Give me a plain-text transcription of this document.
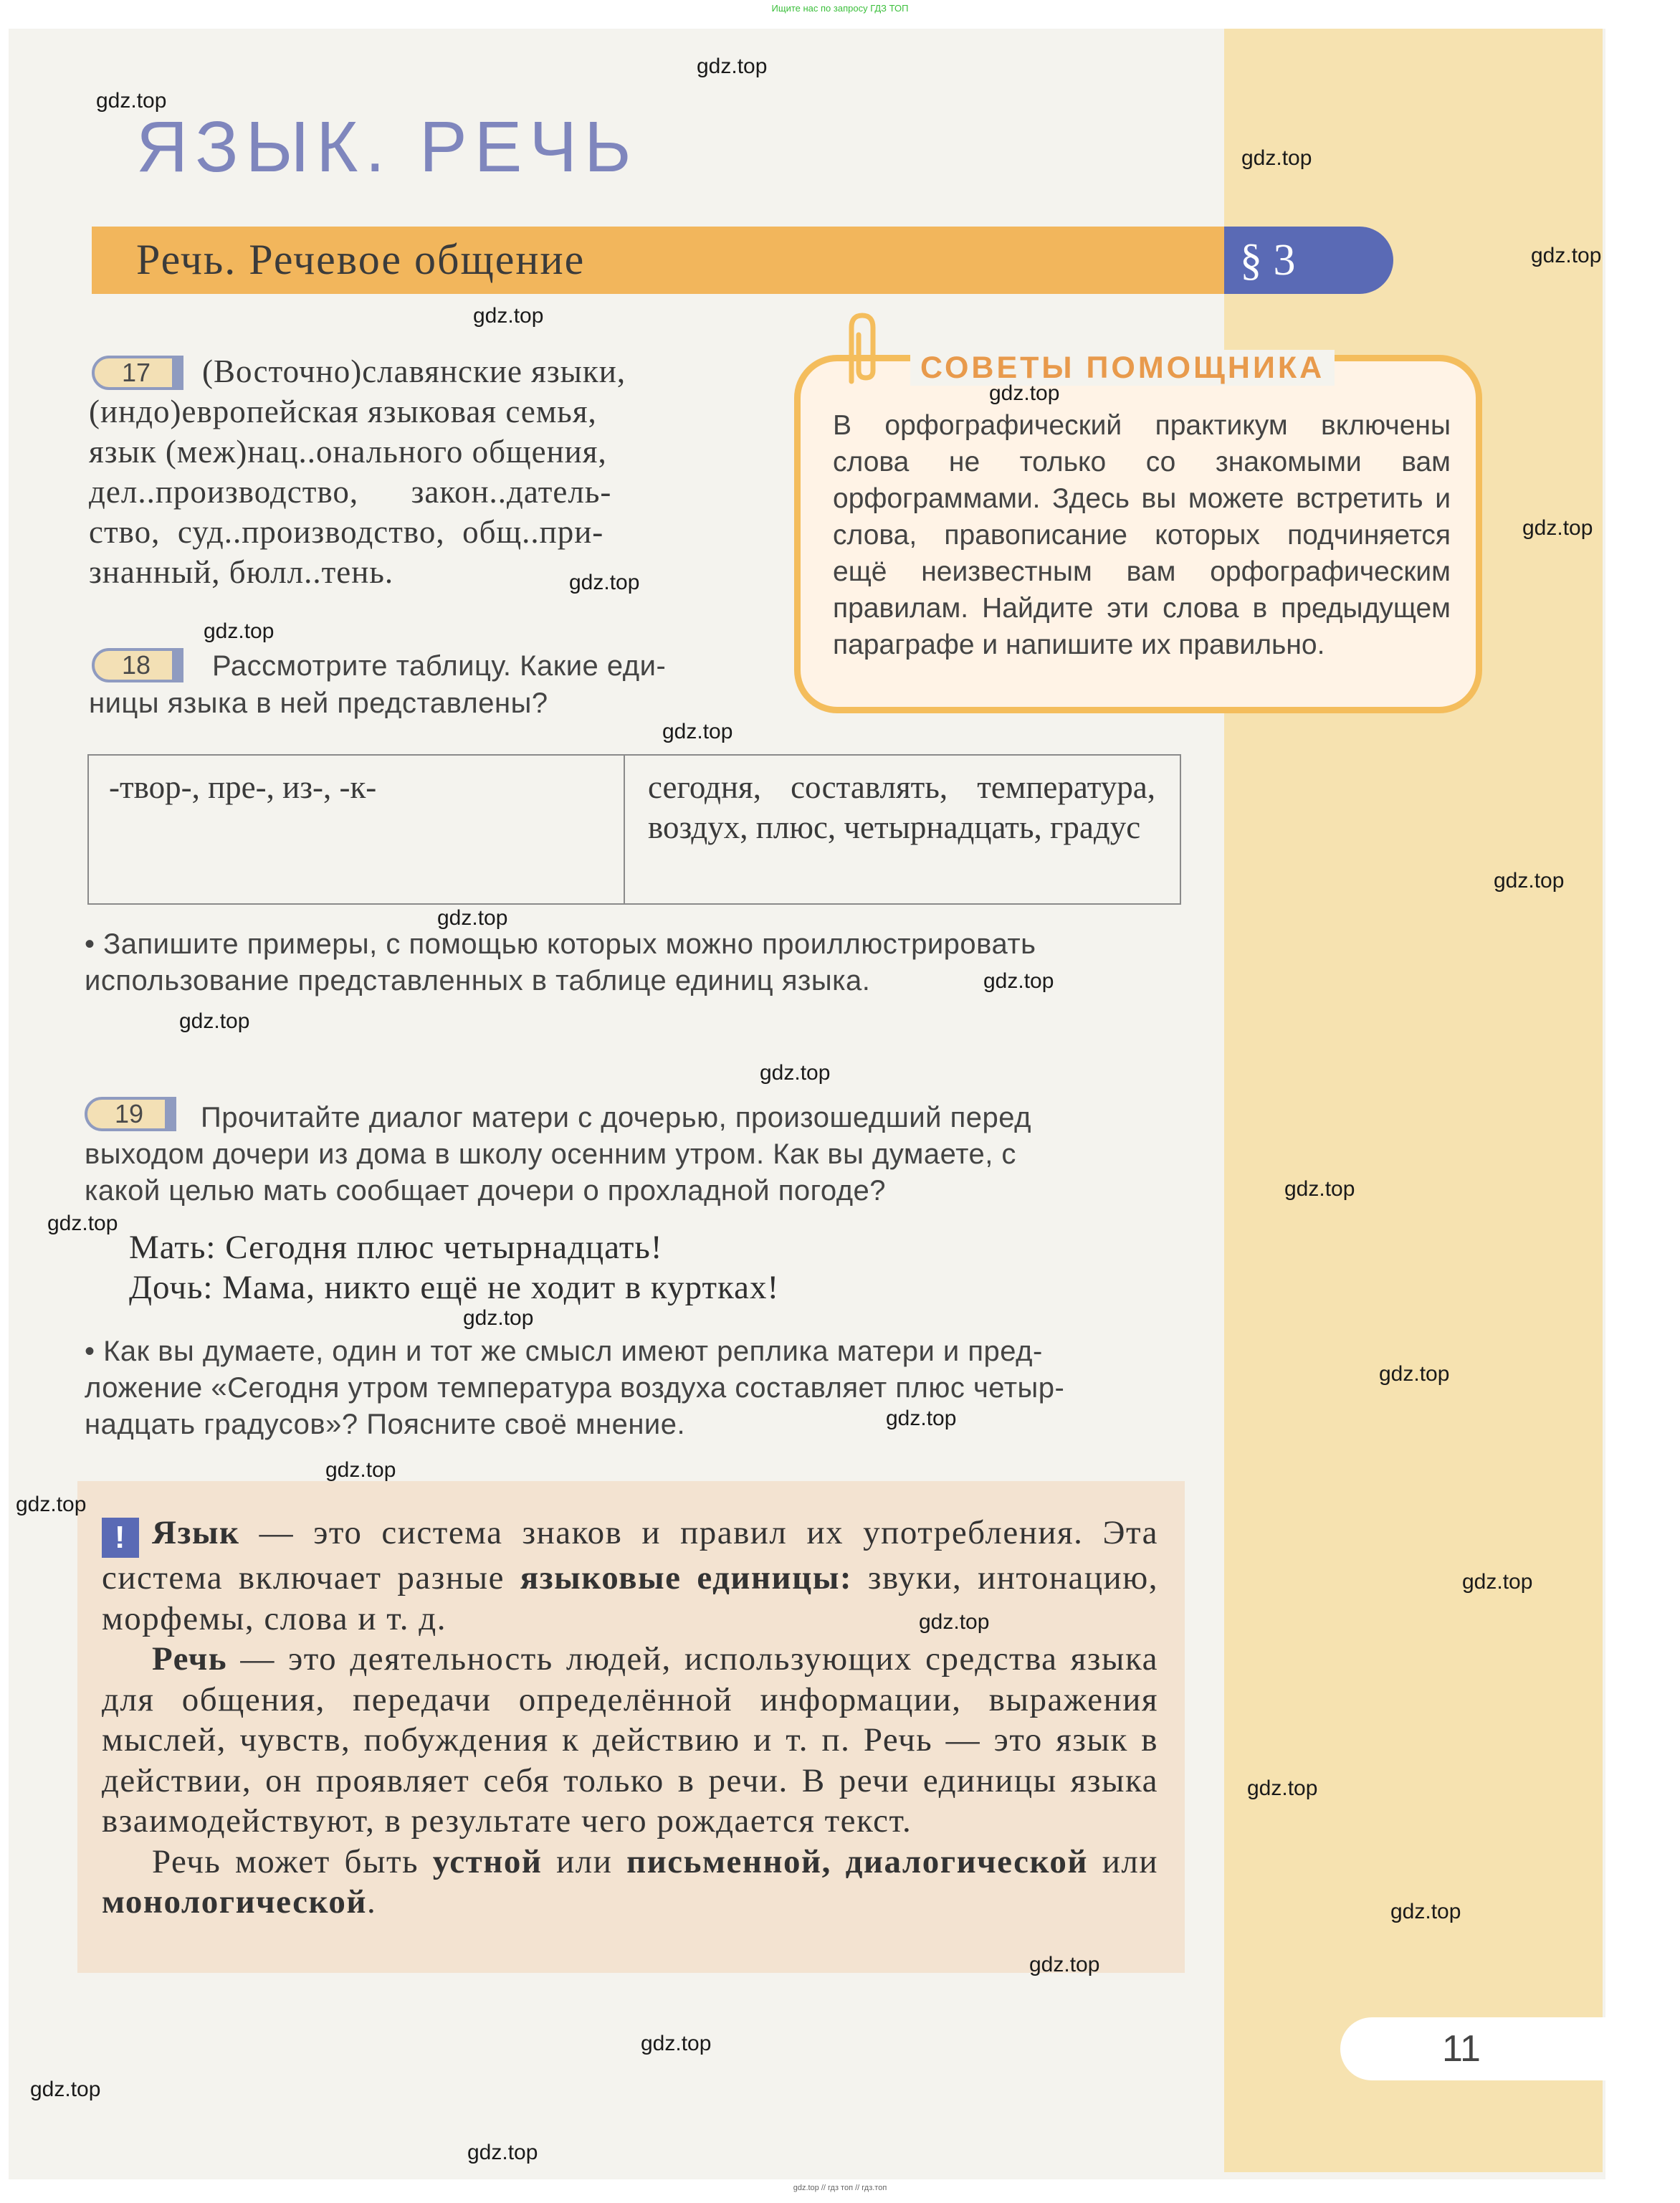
Ищите нас по запросу ГДЗ ТОП
ЯЗЫК. РЕЧЬ
Речь. Речевое общение	§ 3
17	(Восточно)славянские языки,
(индо)европейская языковая семья,
язык (меж)нац..онального общения,
дел..производство,      закон..датель-
ство,  суд..производство,  общ..при-
знанный, бюлл..тень.
СОВЕТЫ ПОМОЩНИКА
В орфографический практикум включены слова не только со знакомыми вам орфограммами. Здесь вы можете встретить и слова, правописание которых подчиняется ещё неизвестным вам орфографическим правилам. Найдите эти слова в предыдущем параграфе и напишите их правильно.
18	Рассмотрите таблицу. Какие еди-
ницы языка в ней представлены?
-твор-, пре-, из-, -к-	сегодня, составлять, температура, воздух, плюс, четырнадцать, градус
• Запишите примеры, с помощью которых можно проиллюстрировать
использование представленных в таблице единиц языка.
19	Прочитайте диалог матери с дочерью, произошедший перед
выходом дочери из дома в школу осенним утром. Как вы думаете, с
какой целью мать сообщает дочери о прохладной погоде?
Мать: Сегодня плюс четырнадцать!
Дочь: Мама, никто ещё не ходит в куртках!
• Как вы думаете, один и тот же смысл имеют реплика матери и пред-
ложение «Сегодня утром температура воздуха составляет плюс четыр-
надцать градусов»? Поясните своё мнение.

! Язык — это система знаков и правил их употребления. Эта система включает разные языковые единицы: звуки, интонацию, морфемы, слова и т. д.

Речь — это деятельность людей, использующих средства языка для общения, передачи определённой информации, выражения мыслей, чувств, побуждения к действию и т. п. Речь — это язык в действии, он проявляет себя только в речи. В речи единицы языка взаимодействуют, в результате чего рождается текст.

Речь может быть устной или письменной, диалогической или монологической.

11
gdz.top
gdz.top
gdz.top
gdz.top
gdz.top
gdz.top
gdz.top
gdz.top
gdz.top
gdz.top
gdz.top
gdz.top
gdz.top
gdz.top
gdz.top
gdz.top
gdz.top
gdz.top
gdz.top
gdz.top
gdz.top
gdz.top
gdz.top
gdz.top
gdz.top
gdz.top
gdz.top
gdz.top
gdz.top
gdz.top
gdz.top // гдз топ // гдз.топ
